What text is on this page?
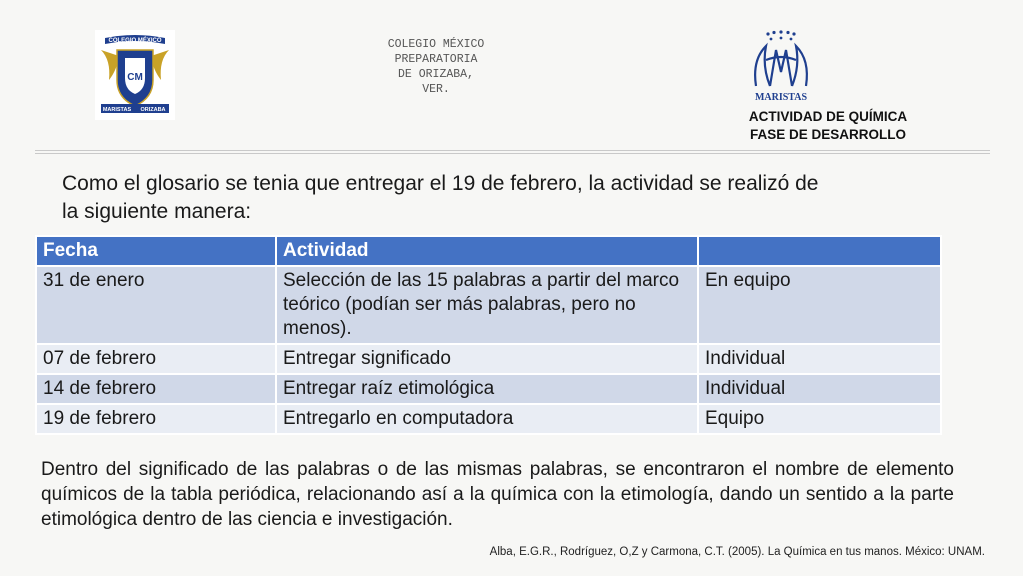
COLEGIO MÉXICO
CM
MARISTAS ORIZABA
COLEGIO MÉXICO
PREPARATORIA
DE ORIZABA,
VER.
MARISTAS
ACTIVIDAD DE QUÍMICA
FASE DE DESARROLLO

Como el glosario se tenia que entregar el 19 de febrero, la actividad se realizó de la siguiente manera:

Fecha	Actividad	
31 de enero	Selección de las 15 palabras a partir del marco teórico (podían ser más palabras, pero no menos).	En equipo
07 de febrero	Entregar significado	Individual
14 de febrero	Entregar raíz etimológica	Individual
19 de febrero	Entregarlo en computadora	Equipo

Dentro del significado de las palabras o de las mismas palabras, se encontraron el nombre de elemento químicos de la tabla periódica, relacionando así a la química con la etimología, dando un sentido a la parte etimológica dentro de las ciencia e investigación.

Alba, E.G.R., Rodríguez, O,Z y Carmona, C.T. (2005). La Química en tus manos. México: UNAM.
